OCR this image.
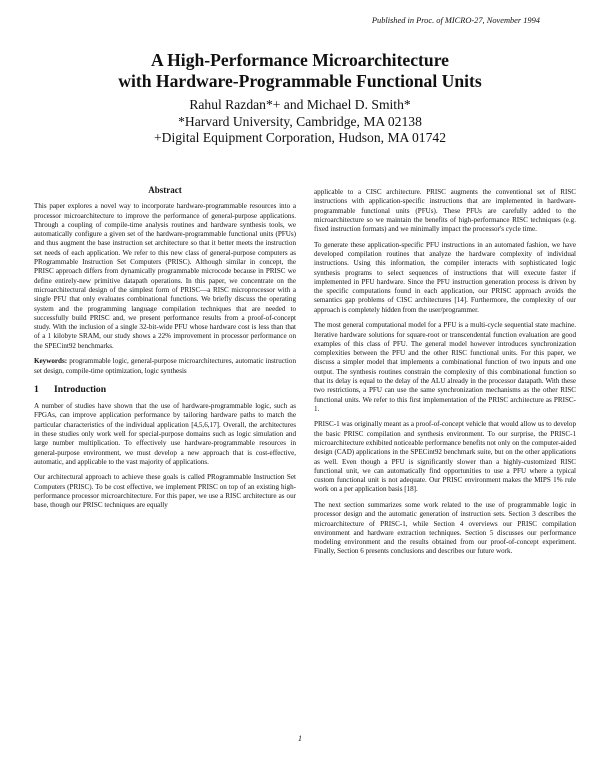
Published in Proc. of MICRO-27, November 1994
A High-Performance Microarchitecture
with Hardware-Programmable Functional Units
Rahul Razdan*+ and Michael D. Smith*
*Harvard University, Cambridge, MA 02138
+Digital Equipment Corporation, Hudson, MA 01742
Abstract

This paper explores a novel way to incorporate hardware-programmable resources into a processor microarchitecture to improve the performance of general-purpose applications. Through a coupling of compile-time analysis routines and hardware synthesis tools, we automatically configure a given set of the hardware-programmable functional units (PFUs) and thus augment the base instruction set architecture so that it better meets the instruction set needs of each application. We refer to this new class of general-purpose computers as PRogrammable Instruction Set Computers (PRISC). Although similar in concept, the PRISC approach differs from dynamically programmable microcode because in PRISC we define entirely-new primitive datapath operations. In this paper, we concentrate on the microarchitectural design of the simplest form of PRISC—a RISC microprocessor with a single PFU that only evaluates combinational functions. We briefly discuss the operating system and the programming language compilation techniques that are needed to successfully build PRISC and, we present performance results from a proof-of-concept study. With the inclusion of a single 32-bit-wide PFU whose hardware cost is less than that of a 1 kilobyte SRAM, our study shows a 22% improvement in processor performance on the SPECint92 benchmarks.

Keywords: programmable logic, general-purpose microarchitectures, automatic instruction set design, compile-time optimization, logic synthesis

1 Introduction

A number of studies have shown that the use of hardware-programmable logic, such as FPGAs, can improve application performance by tailoring hardware paths to match the particular characteristics of the individual application [4,5,6,17]. Overall, the architectures in these studies only work well for special-purpose domains such as logic simulation and large number multiplication. To effectively use hardware-programmable resources in general-purpose environment, we must develop a new approach that is cost-effective, automatic, and applicable to the vast majority of applications.

Our architectural approach to achieve these goals is called PRogrammable Instruction Set Computers (PRISC). To be cost effective, we implement PRISC on top of an existing high-performance processor microarchitecture. For this paper, we use a RISC architecture as our base, though our PRISC techniques are equally

applicable to a CISC architecture. PRISC augments the conventional set of RISC instructions with application-specific instructions that are implemented in hardware-programmable functional units (PFUs). These PFUs are carefully added to the microarchitecture so we maintain the benefits of high-performance RISC techniques (e.g. fixed instruction formats) and we minimally impact the processor's cycle time.

To generate these application-specific PFU instructions in an automated fashion, we have developed compilation routines that analyze the hardware complexity of individual instructions. Using this information, the compiler interacts with sophisticated logic synthesis programs to select sequences of instructions that will execute faster if implemented in PFU hardware. Since the PFU instruction generation process is driven by the specific computations found in each application, our PRISC approach avoids the semantics gap problems of CISC architectures [14]. Furthermore, the complexity of our approach is completely hidden from the user/programmer.

The most general computational model for a PFU is a multi-cycle sequential state machine. Iterative hardware solutions for square-root or transcendental function evaluation are good examples of this class of PFU. The general model however introduces synchronization complexities between the PFU and the other RISC functional units. For this paper, we discuss a simpler model that implements a combinational function of two inputs and one output. The synthesis routines constrain the complexity of this combinational function so that its delay is equal to the delay of the ALU already in the processor datapath. With these two restrictions, a PFU can use the same synchronization mechanisms as the other RISC functional units. We refer to this first implementation of the PRISC architecture as PRISC-1.

PRISC-1 was originally meant as a proof-of-concept vehicle that would allow us to develop the basic PRISC compilation and synthesis environment. To our surprise, the PRISC-1 microarchitecture exhibited noticeable performance benefits not only on the computer-aided design (CAD) applications in the SPECint92 benchmark suite, but on the other applications as well. Even though a PFU is significantly slower than a highly-customized RISC functional unit, we can automatically find opportunities to use a PFU where a typical custom functional unit is not adequate. Our PRISC environment makes the MIPS 1% rule work on a per application basis [18].

The next section summarizes some work related to the use of programmable logic in processor design and the automatic generation of instruction sets. Section 3 describes the microarchitecture of PRISC-1, while Section 4 overviews our PRISC compilation environment and hardware extraction techniques. Section 5 discusses our performance modeling environment and the results obtained from our proof-of-concept experiment. Finally, Section 6 presents conclusions and describes our future work.

1
